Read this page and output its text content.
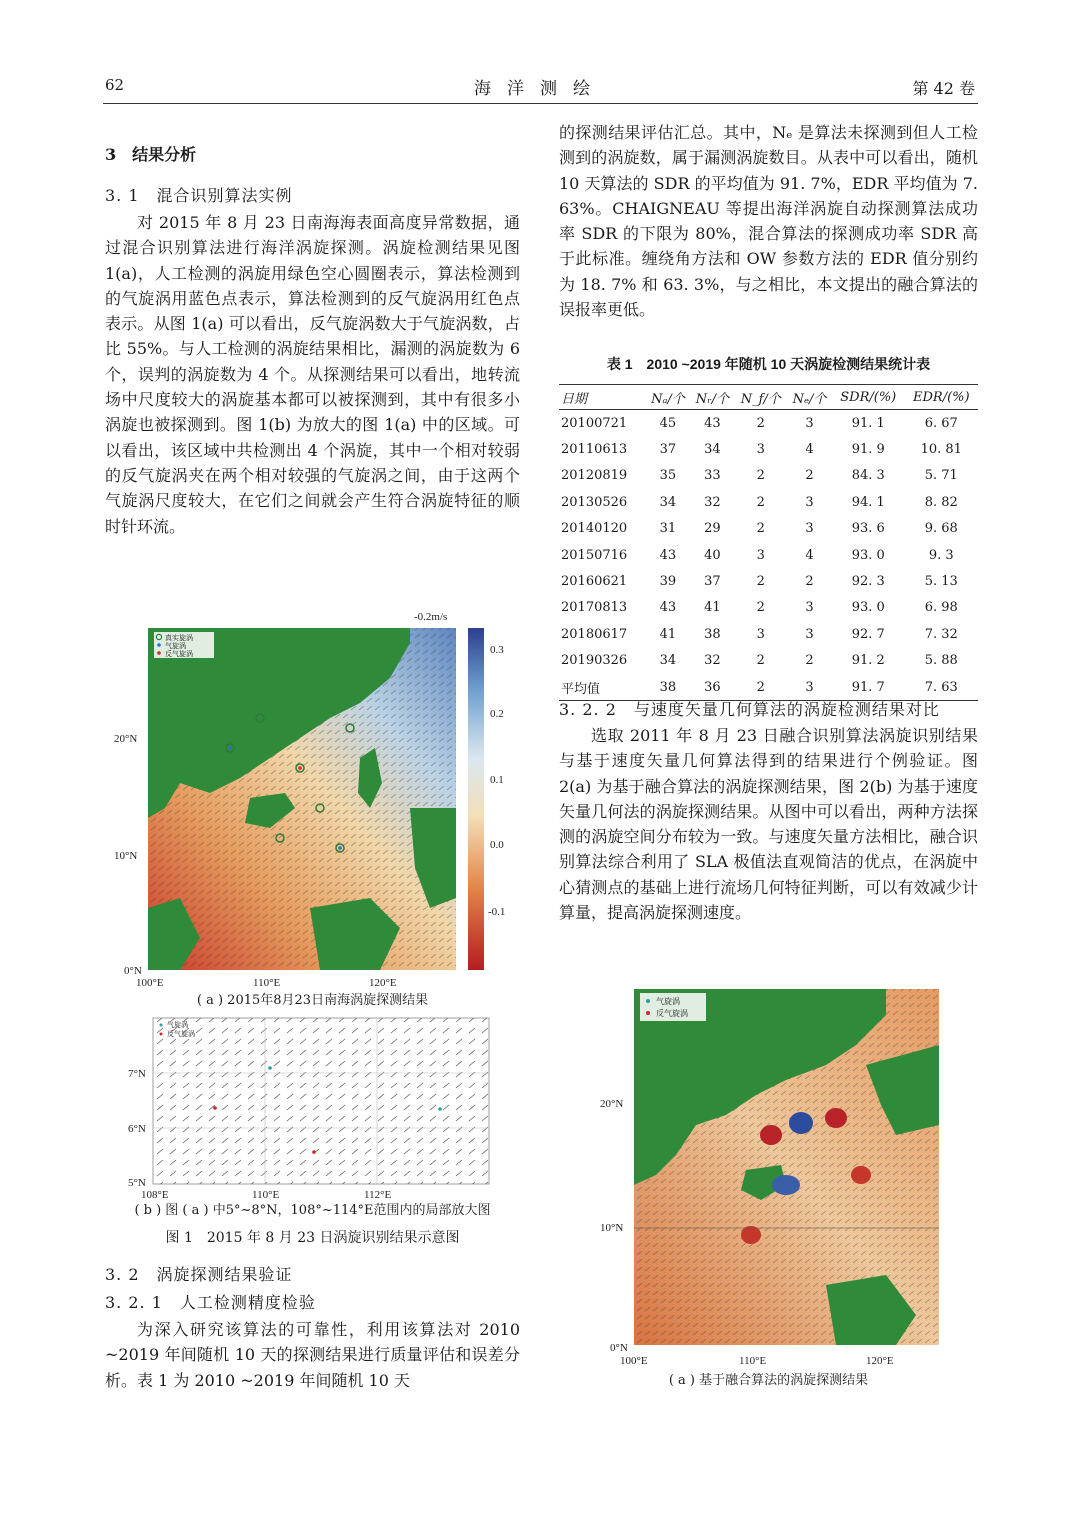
62	海洋测绘	第 42 卷
3　结果分析
3. 1　混合识别算法实例

对 2015 年 8 月 23 日南海海表面高度异常数据，通过混合识别算法进行海洋涡旋探测。涡旋检测结果见图 1(a)，人工检测的涡旋用绿色空心圆圈表示，算法检测到的气旋涡用蓝色点表示，算法检测到的反气旋涡用红色点表示。从图 1(a) 可以看出，反气旋涡数大于气旋涡数，占比 55%。与人工检测的涡旋结果相比，漏测的涡旋数为 6 个，误判的涡旋数为 4 个。从探测结果可以看出，地转流场中尺度较大的涡旋基本都可以被探测到，其中有很多小涡旋也被探测到。图 1(b) 为放大的图 1(a) 中的区域。可以看出，该区域中共检测出 4 个涡旋，其中一个相对较弱的反气旋涡夹在两个相对较强的气旋涡之间，由于这两个气旋涡尺度较大，在它们之间就会产生符合涡旋特征的顺时针环流。

-0.2m/s
真实旋涡
气旋涡
反气旋涡	0.3
0.2
0.1
0.0
-0.1
20°N
10°N
0°N
100°E	110°E	120°E
( a ) 2015年8月23日南海涡旋探测结果
气旋涡
反气旋涡
7°N
6°N
5°N
108°E	110°E	112°E
( b ) 图 ( a ) 中5°~8°N，108°~114°E范围内的局部放大图
图 1　2015 年 8 月 23 日涡旋识别结果示意图
3. 2　涡旋探测结果验证
3. 2. 1　人工检测精度检验

为深入研究该算法的可靠性，利用该算法对 2010 ~2019 年间随机 10 天的探测结果进行质量评估和误差分析。表 1 为 2010 ~2019 年间随机 10 天

的探测结果评估汇总。其中，Nₑ 是算法未探测到但人工检测到的涡旋数，属于漏测涡旋数目。从表中可以看出，随机 10 天算法的 SDR 的平均值为 91. 7%，EDR 平均值为 7. 63%。CHAIGNEAU 等提出海洋涡旋自动探测算法成功率 SDR 的下限为 80%，混合算法的探测成功率 SDR 高于此标准。缠绕角方法和 OW 参数方法的 EDR 值分别约为 18. 7% 和 63. 3%，与之相比，本文提出的融合算法的误报率更低。

表 1　2010 ~2019 年随机 10 天涡旋检测结果统计表
日期	Nₐ/个	Nᵣ/个	N_f/个	Nₑ/个	SDR/(%)	EDR/(%)
20100721	45	43	2	3	91. 1	6. 67
20110613	37	34	3	4	91. 9	10. 81
20120819	35	33	2	2	84. 3	5. 71
20130526	34	32	2	3	94. 1	8. 82
20140120	31	29	2	3	93. 6	9. 68
20150716	43	40	3	4	93. 0	9. 3
20160621	39	37	2	2	92. 3	5. 13
20170813	43	41	2	3	93. 0	6. 98
20180617	41	38	3	3	92. 7	7. 32
20190326	34	32	2	2	91. 2	5. 88
平均值	38	36	2	3	91. 7	7. 63
3. 2. 2　与速度矢量几何算法的涡旋检测结果对比

选取 2011 年 8 月 23 日融合识别算法涡旋识别结果与基于速度矢量几何算法得到的结果进行个例验证。图 2(a) 为基于融合算法的涡旋探测结果，图 2(b) 为基于速度矢量几何法的涡旋探测结果。从图中可以看出，两种方法探测的涡旋空间分布较为一致。与速度矢量方法相比，融合识别算法综合利用了 SLA 极值法直观简洁的优点，在涡旋中心猜测点的基础上进行流场几何特征判断，可以有效减少计算量，提高涡旋探测速度。

气旋涡
反气旋涡
20°N
10°N
0°N
100°E	110°E	120°E
( a ) 基于融合算法的涡旋探测结果
